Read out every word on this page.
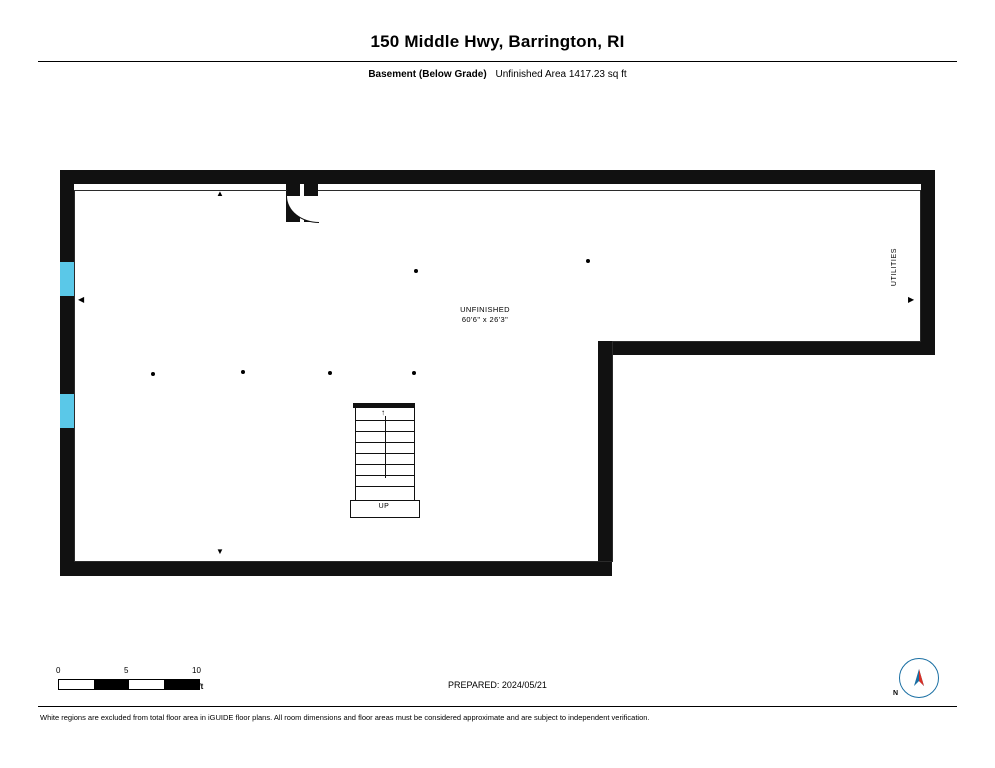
150 Middle Hwy, Barrington, RI
Basement (Below Grade) Unfinished Area 1417.23 sq ft
▲
▼
◀	▶
UNFINISHED
60'6" x 26'3"
UTILITIES
↑
UP
0	5	10
ft	PREPARED: 2024/05/21
N
White regions are excluded from total floor area in iGUIDE floor plans. All room dimensions and floor areas must be considered approximate and are subject to independent verification.
